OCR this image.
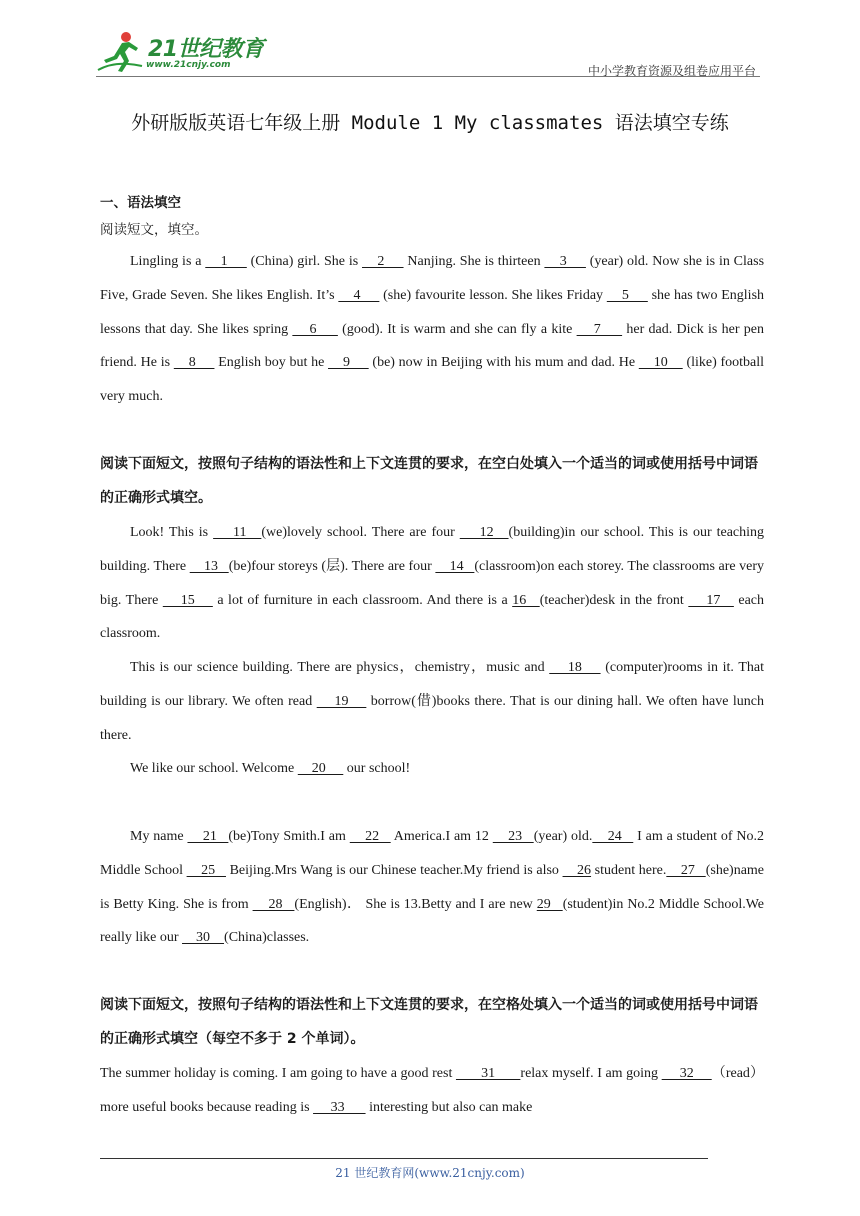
21世纪教育
www.21cnjy.com	中小学教育资源及组卷应用平台
外研版版英语七年级上册 Module 1 My classmates 语法填空专练
一、语法填空
阅读短文，填空。

Lingling is a     1      (China) girl. She is     2      Nanjing. She is thirteen     3      (year) old. Now she is in Class Five, Grade Seven. She likes English. It’s     4      (she) favourite lesson. She likes Friday     5      she has two English lessons that day. She likes spring     6      (good). It is warm and she can fly a kite     7      her dad. Dick is her pen friend. He is     8      English boy but he     9      (be) now in Beijing with his mum and dad. He     10     (like) football very much.

阅读下面短文，按照句子结构的语法性和上下文连贯的要求，在空白处填入一个适当的词或使用括号中词语的正确形式填空。

Look! This is     11   (we)lovely school. There are four     12   (building)in our school. This is our teaching building. There     13   (be)four storeys (层). There are four     14   (classroom)on each storey. The classrooms are very big. There     15     a lot of furniture in each classroom. And there is a 16   (teacher)desk in the front     17    each classroom.

This is our science building. There are physics，chemistry，music and     18     (computer)rooms in it. That building is our library. We often read     19     borrow(借)books there. That is our dining hall. We often have lunch there.

We like our school. Welcome     20      our school!

My name     21   (be)Tony Smith.I am     22    America.I am 12     23   (year) old.    24    I am a student of No.2 Middle School     25    Beijing.Mrs Wang is our Chinese teacher.My friend is also     26 student here.    27   (she)name is Betty King. She is from     28   (English)． She is 13.Betty and I are new 29   (student)in No.2 Middle School.We really like our     30    (China)classes.

阅读下面短文，按照句子结构的语法性和上下文连贯的要求，在空格处填入一个适当的词或使用括号中词语的正确形式填空（每空不多于 2 个单词）。

The summer holiday is coming. I am going to have a good rest        31       relax myself. I am going      32     （read） more useful books because reading is      33       interesting but also can make

21 世纪教育网(www.21cnjy.com)
